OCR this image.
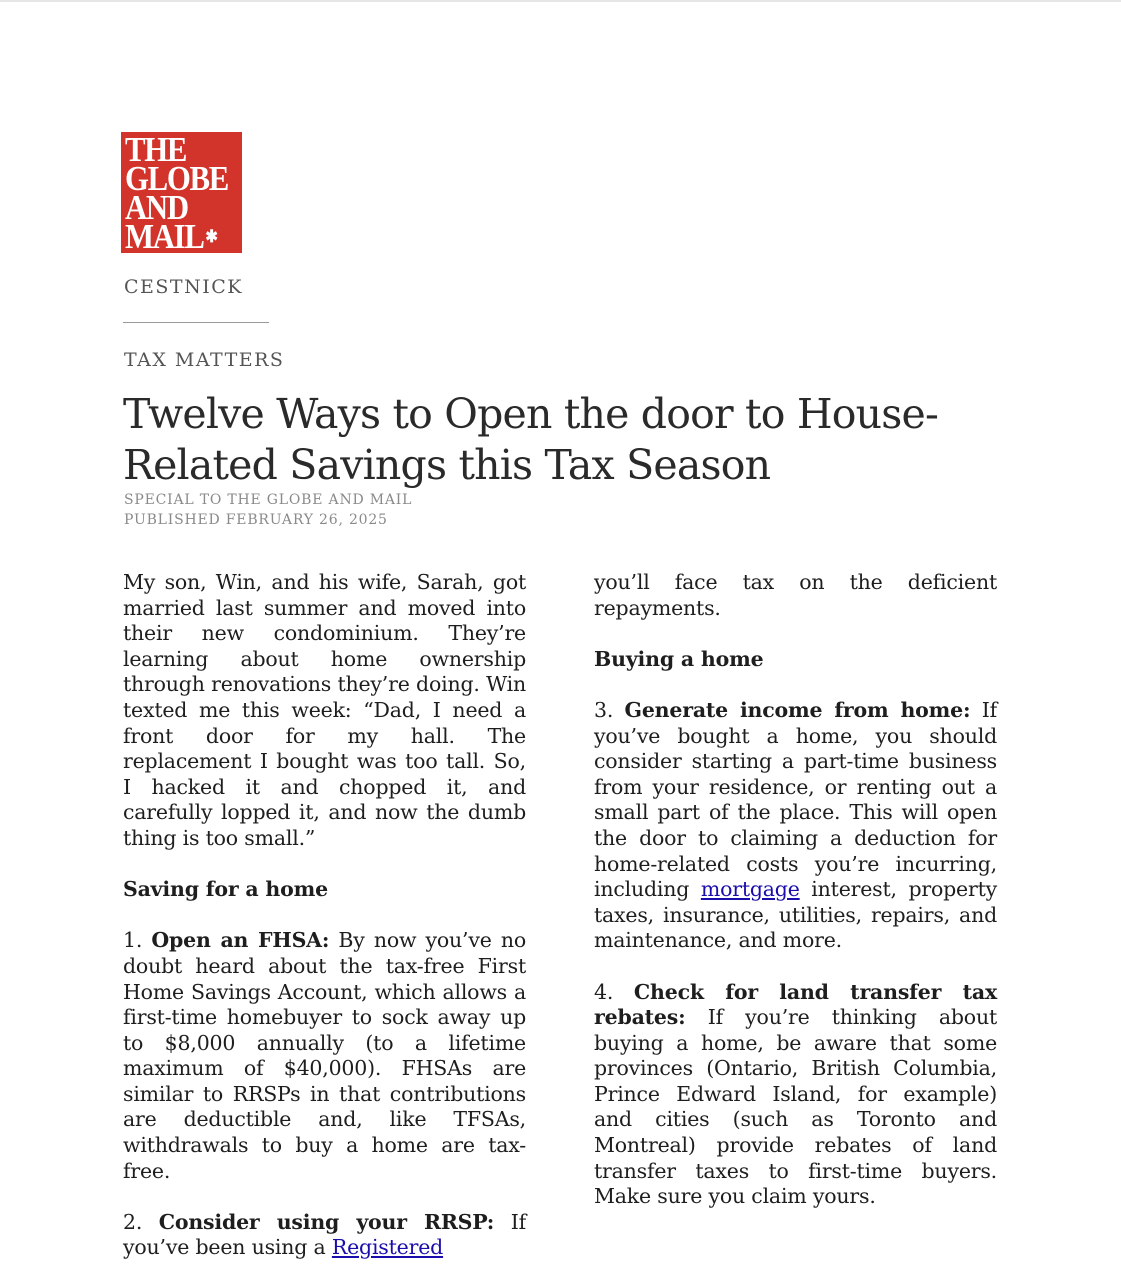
THE
GLOBE
AND
MAIL ✱
CESTNICK
TAX MATTERS
Twelve Ways to Open the door to House-Related Savings this Tax Season
SPECIAL TO THE GLOBE AND MAIL
PUBLISHED FEBRUARY 26, 2025

My son, Win, and his wife, Sarah, got married last summer and moved into their new condominium. They’re learning about home ownership through renovations they’re doing. Win texted me this week: “Dad, I need a front door for my hall. The replacement I bought was too tall. So, I hacked it and chopped it, and carefully lopped it, and now the dumb thing is too small.”

Saving for a home

1. Open an FHSA: By now you’ve no doubt heard about the tax-free First Home Savings Account, which allows a first-time homebuyer to sock away up to $8,000 annually (to a lifetime maximum of $40,000). FHSAs are similar to RRSPs in that contributions are deductible and, like TFSAs, withdrawals to buy a home are tax-free.

2. Consider using your RRSP: If you’ve been using a Registered

you’ll face tax on the deficient repayments.

Buying a home

3. Generate income from home: If you’ve bought a home, you should consider starting a part-time business from your residence, or renting out a small part of the place. This will open the door to claiming a deduction for home-related costs you’re incurring, including mortgage interest, property taxes, insurance, utilities, repairs, and maintenance, and more.

4. Check for land transfer tax rebates: If you’re thinking about buying a home, be aware that some provinces (Ontario, British Columbia, Prince Edward Island, for example) and cities (such as Toronto and Montreal) provide rebates of land transfer taxes to first-time buyers. Make sure you claim yours.
